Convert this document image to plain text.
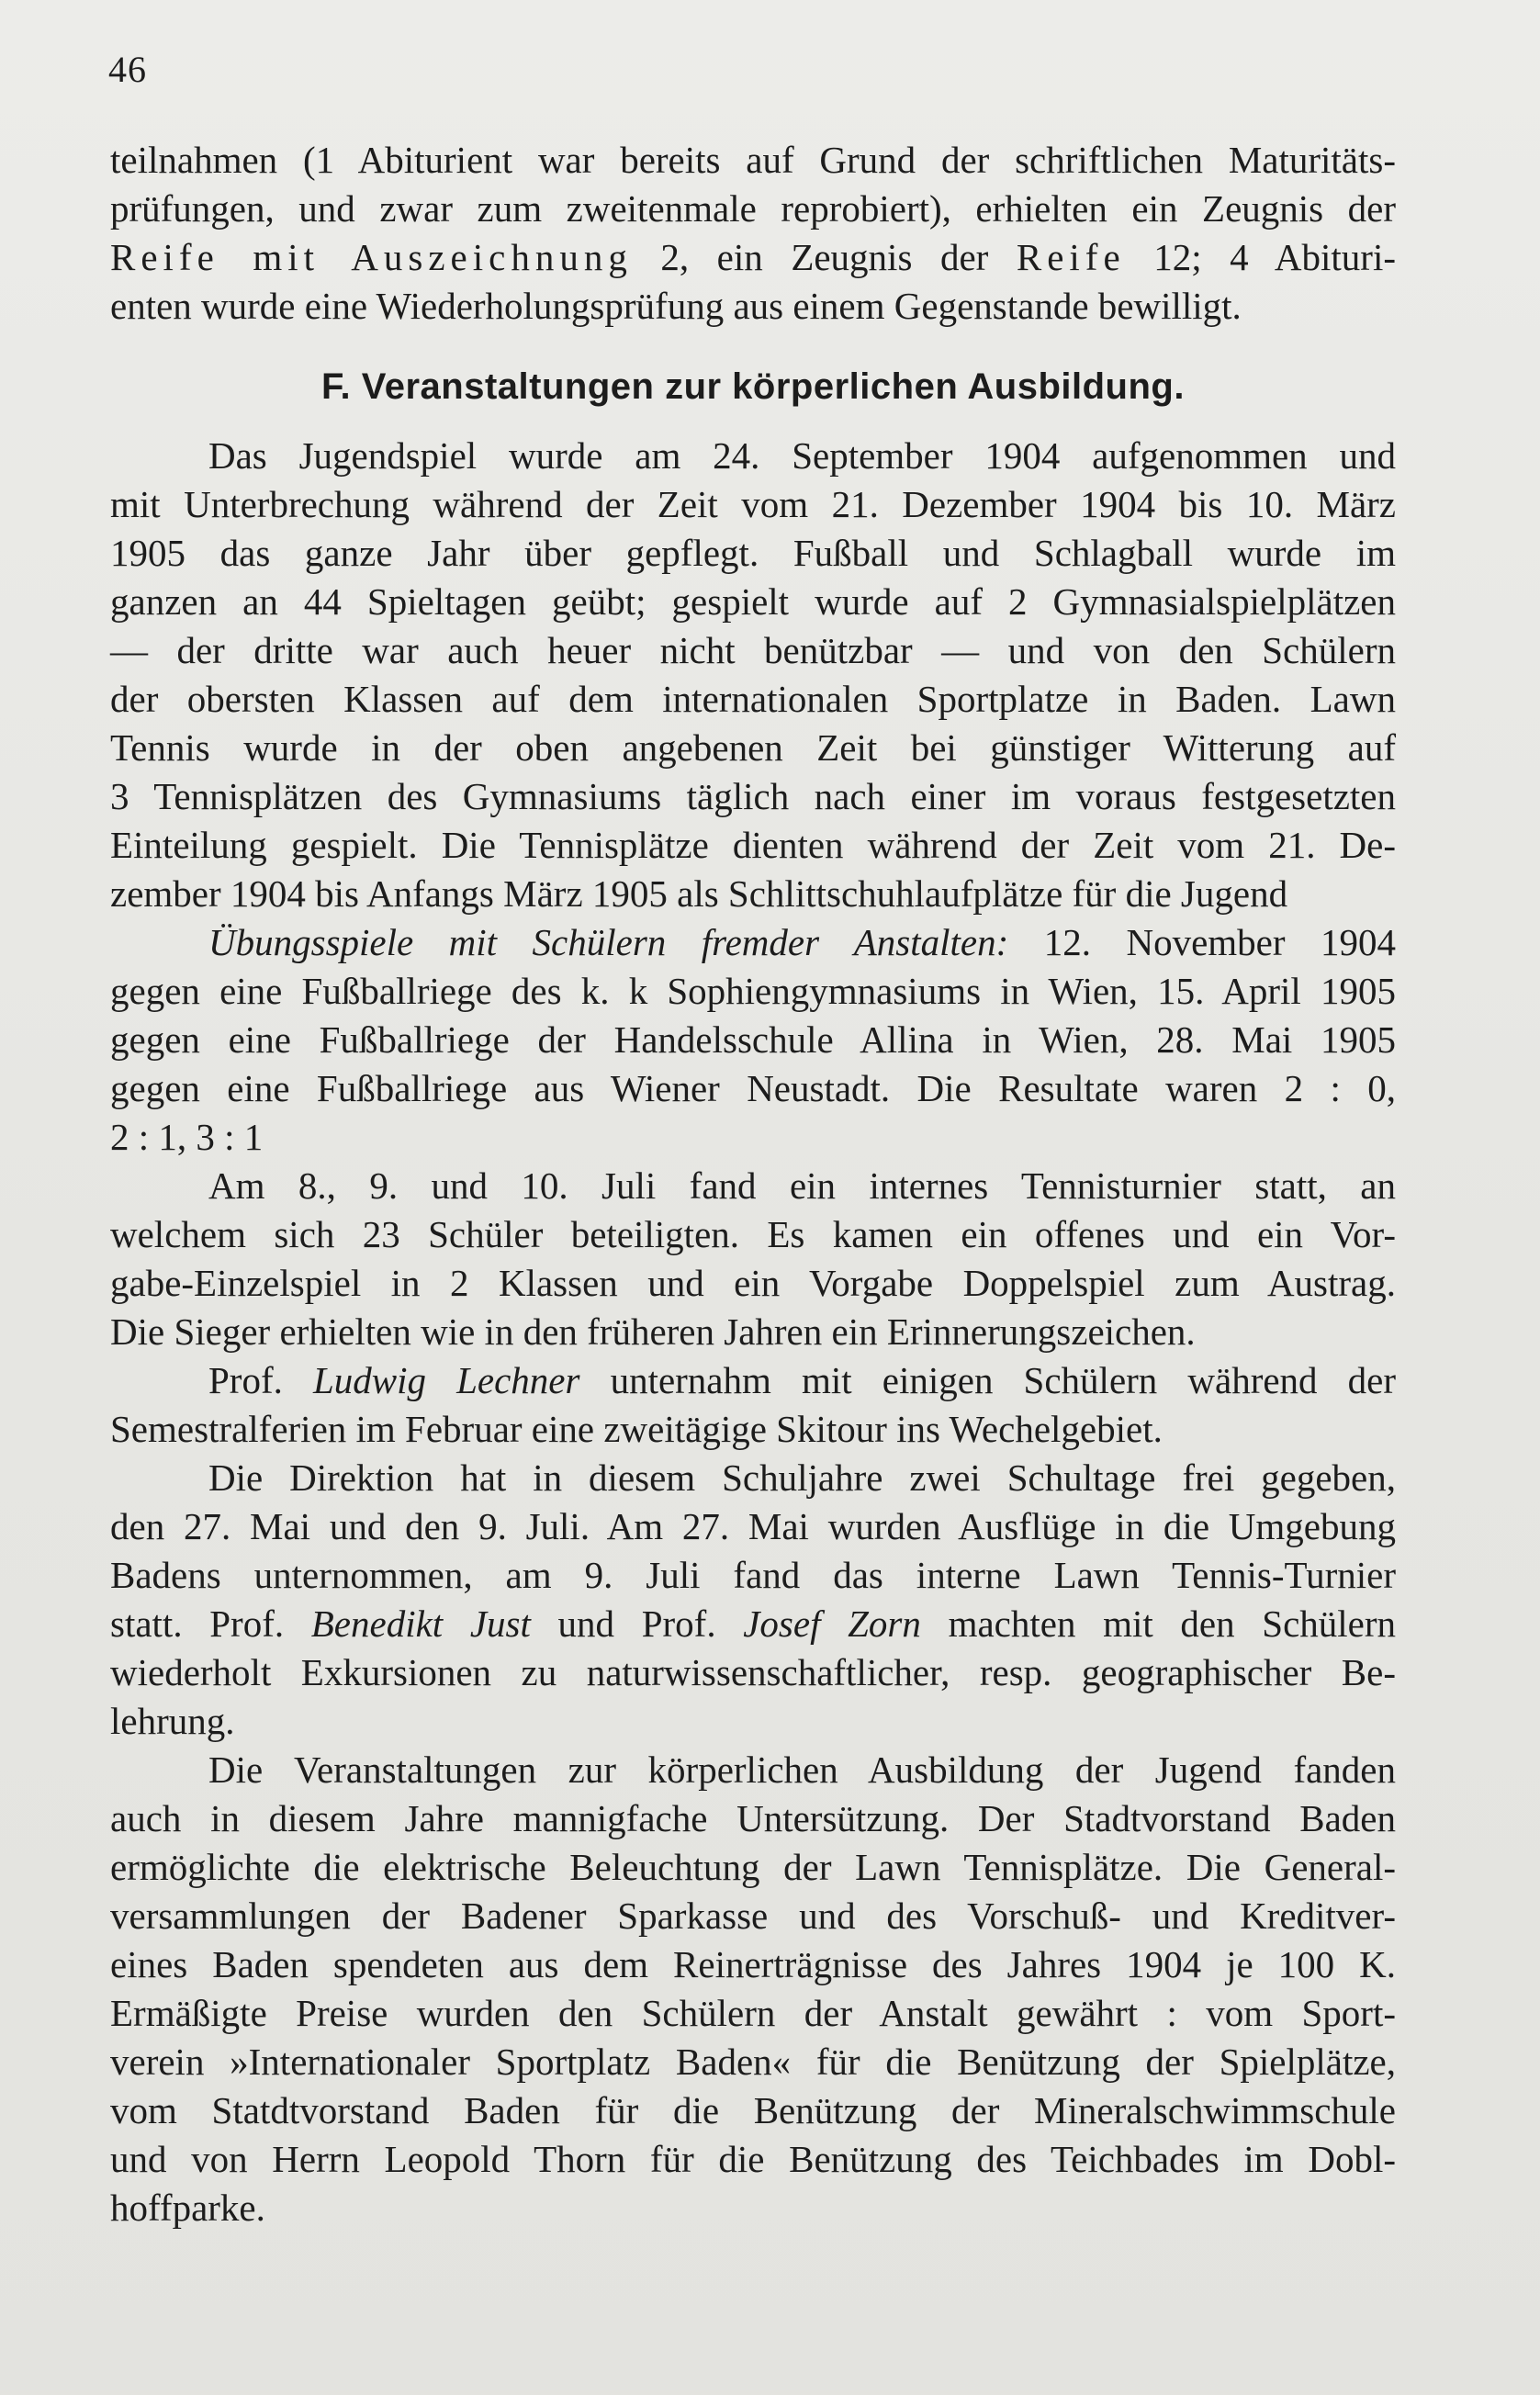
46
teilnahmen (1 Abiturient war bereits auf Grund der schriftlichen Maturitäts-
prüfungen, und zwar zum zweitenmale reprobiert), erhielten ein Zeugnis der
Reife mit Auszeichnung 2, ein Zeugnis der Reife 12; 4 Abituri-
enten wurde eine Wiederholungsprüfung aus einem Gegenstande bewilligt.
F. Veranstaltungen zur körperlichen Ausbildung.
Das Jugendspiel wurde am 24. September 1904 aufgenommen und
mit Unterbrechung während der Zeit vom 21. Dezember 1904 bis 10. März
1905 das ganze Jahr über gepflegt. Fußball und Schlagball wurde im
ganzen an 44 Spieltagen geübt; gespielt wurde auf 2 Gymnasialspielplätzen
— der dritte war auch heuer nicht benützbar — und von den Schülern
der obersten Klassen auf dem internationalen Sportplatze in Baden. Lawn
Tennis wurde in der oben angebenen Zeit bei günstiger Witterung auf
3 Tennisplätzen des Gymnasiums täglich nach einer im voraus festgesetzten
Einteilung gespielt. Die Tennisplätze dienten während der Zeit vom 21. De-
zember 1904 bis Anfangs März 1905 als Schlittschuhlaufplätze für die Jugend
Übungsspiele mit Schülern fremder Anstalten: 12. November 1904
gegen eine Fußballriege des k. k Sophiengymnasiums in Wien, 15. April 1905
gegen eine Fußballriege der Handelsschule Allina in Wien, 28. Mai 1905
gegen eine Fußballriege aus Wiener Neustadt. Die Resultate waren 2 : 0,
2 : 1, 3 : 1
Am 8., 9. und 10. Juli fand ein internes Tennisturnier statt, an
welchem sich 23 Schüler beteiligten. Es kamen ein offenes und ein Vor-
gabe-Einzelspiel in 2 Klassen und ein Vorgabe Doppelspiel zum Austrag.
Die Sieger erhielten wie in den früheren Jahren ein Erinnerungszeichen.
Prof. Ludwig Lechner unternahm mit einigen Schülern während der
Semestralferien im Februar eine zweitägige Skitour ins Wechelgebiet.
Die Direktion hat in diesem Schuljahre zwei Schultage frei gegeben,
den 27. Mai und den 9. Juli. Am 27. Mai wurden Ausflüge in die Umgebung
Badens unternommen, am 9. Juli fand das interne Lawn Tennis-Turnier
statt. Prof. Benedikt Just und Prof. Josef Zorn machten mit den Schülern
wiederholt Exkursionen zu naturwissenschaftlicher, resp. geographischer Be-
lehrung.
Die Veranstaltungen zur körperlichen Ausbildung der Jugend fanden
auch in diesem Jahre mannigfache Untersützung. Der Stadtvorstand Baden
ermöglichte die elektrische Beleuchtung der Lawn Tennisplätze. Die General-
versammlungen der Badener Sparkasse und des Vorschuß- und Kreditver-
eines Baden spendeten aus dem Reinerträgnisse des Jahres 1904 je 100 K.
Ermäßigte Preise wurden den Schülern der Anstalt gewährt : vom Sport-
verein »Internationaler Sportplatz Baden« für die Benützung der Spielplätze,
vom Statdtvorstand Baden für die Benützung der Mineralschwimmschule
und von Herrn Leopold Thorn für die Benützung des Teichbades im Dobl-
hoffparke.
